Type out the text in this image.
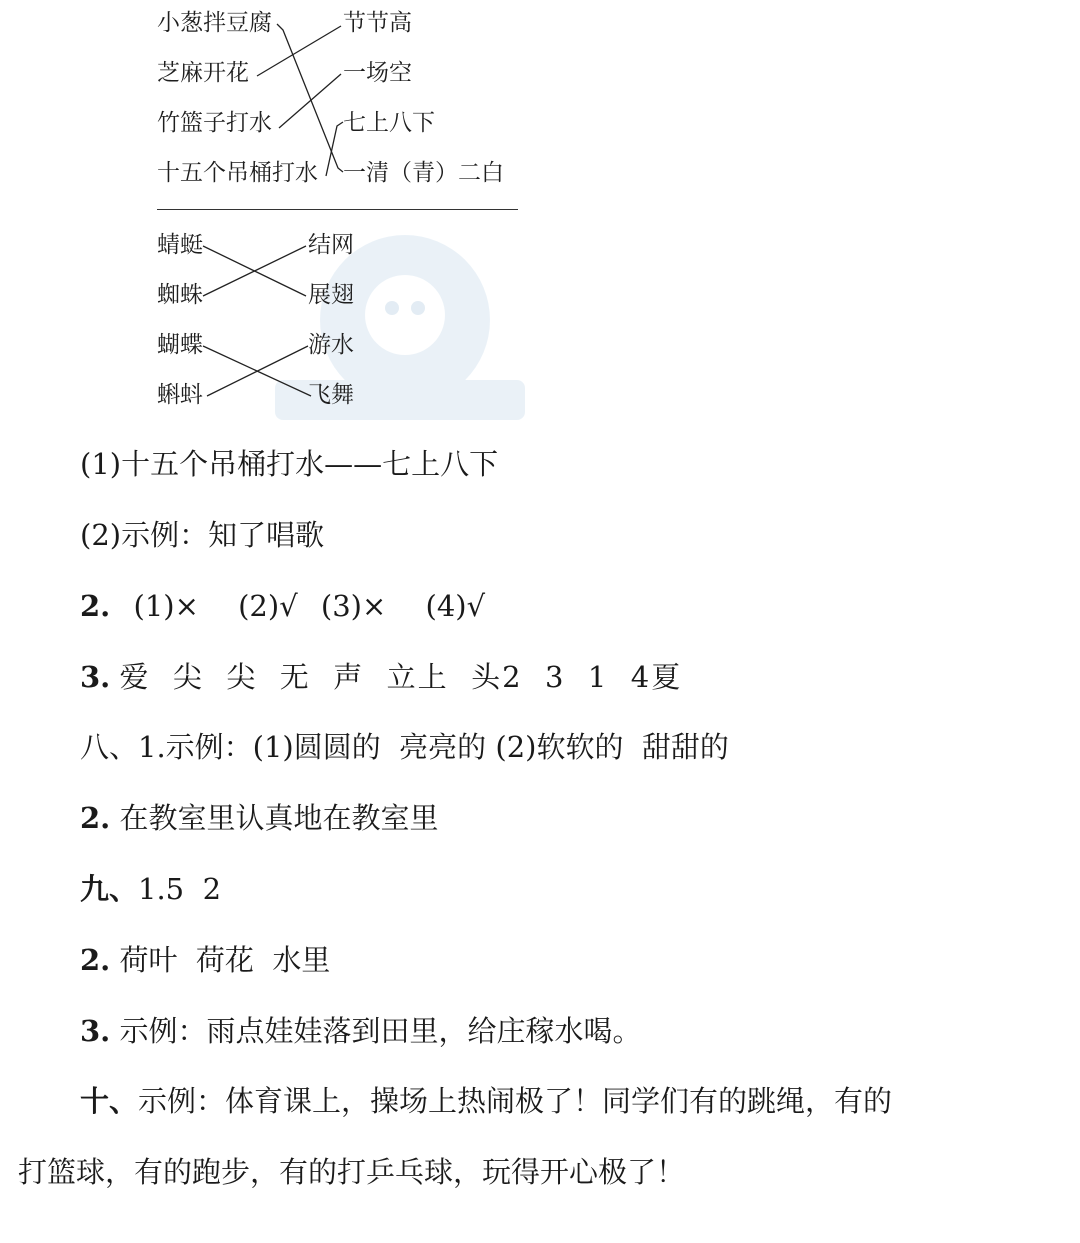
小葱拌豆腐
芝麻开花
竹篮子打水
十五个吊桶打水
节节高
一场空
七上八下
一清（青）二白
蜻蜓
蜘蛛
蝴蝶
蝌蚪
结网
展翅
游水
飞舞
(1)十五个吊桶打水——七上八下
(2)示例：知了唱歌
2. (1)× (2)√ (3)× (4)√
3. 爱  尖  尖  无  声  立上  头2  3  1  4夏
八、1.示例：(1)圆圆的  亮亮的 (2)软软的  甜甜的
2. 在教室里认真地在教室里
九、1.5  2
2. 荷叶  荷花  水里
3. 示例：雨点娃娃落到田里，给庄稼水喝。
十、示例：体育课上，操场上热闹极了！同学们有的跳绳，有的
打篮球，有的跑步，有的打乒乓球，玩得开心极了！
